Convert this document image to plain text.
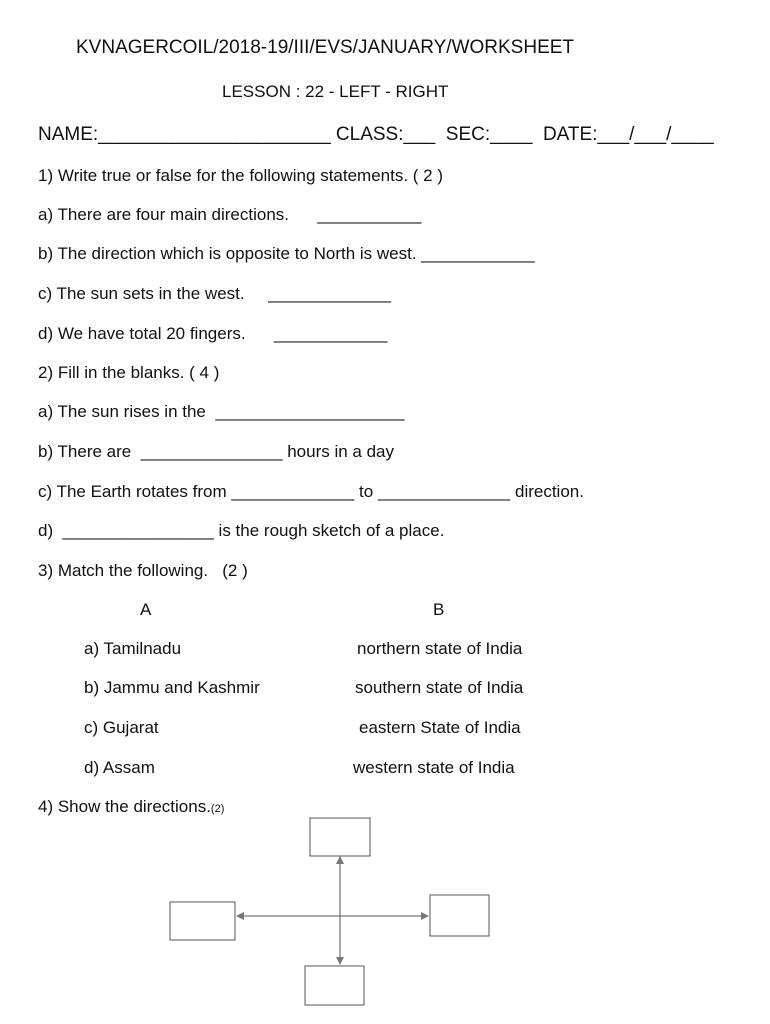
KVNAGERCOIL/2018-19/III/EVS/JANUARY/WORKSHEET
LESSON : 22 - LEFT - RIGHT
NAME:______________________ CLASS:___  SEC:____  DATE:___/___/____
1) Write true or false for the following statements. ( 2 )
a) There are four main directions.      ___________
b) The direction which is opposite to North is west. ____________
c) The sun sets in the west.     _____________
d) We have total 20 fingers.      ____________
2) Fill in the blanks. ( 4 )
a) The sun rises in the  ____________________
b) There are  _______________ hours in a day
c) The Earth rotates from _____________ to ______________ direction.
d)  ________________ is the rough sketch of a place.
3) Match the following.   (2 )
A	B
a) Tamilnadu
b) Jammu and Kashmir
c) Gujarat
d) Assam
northern state of India
southern state of India
eastern State of India
western state of India
4) Show the directions.(2)
